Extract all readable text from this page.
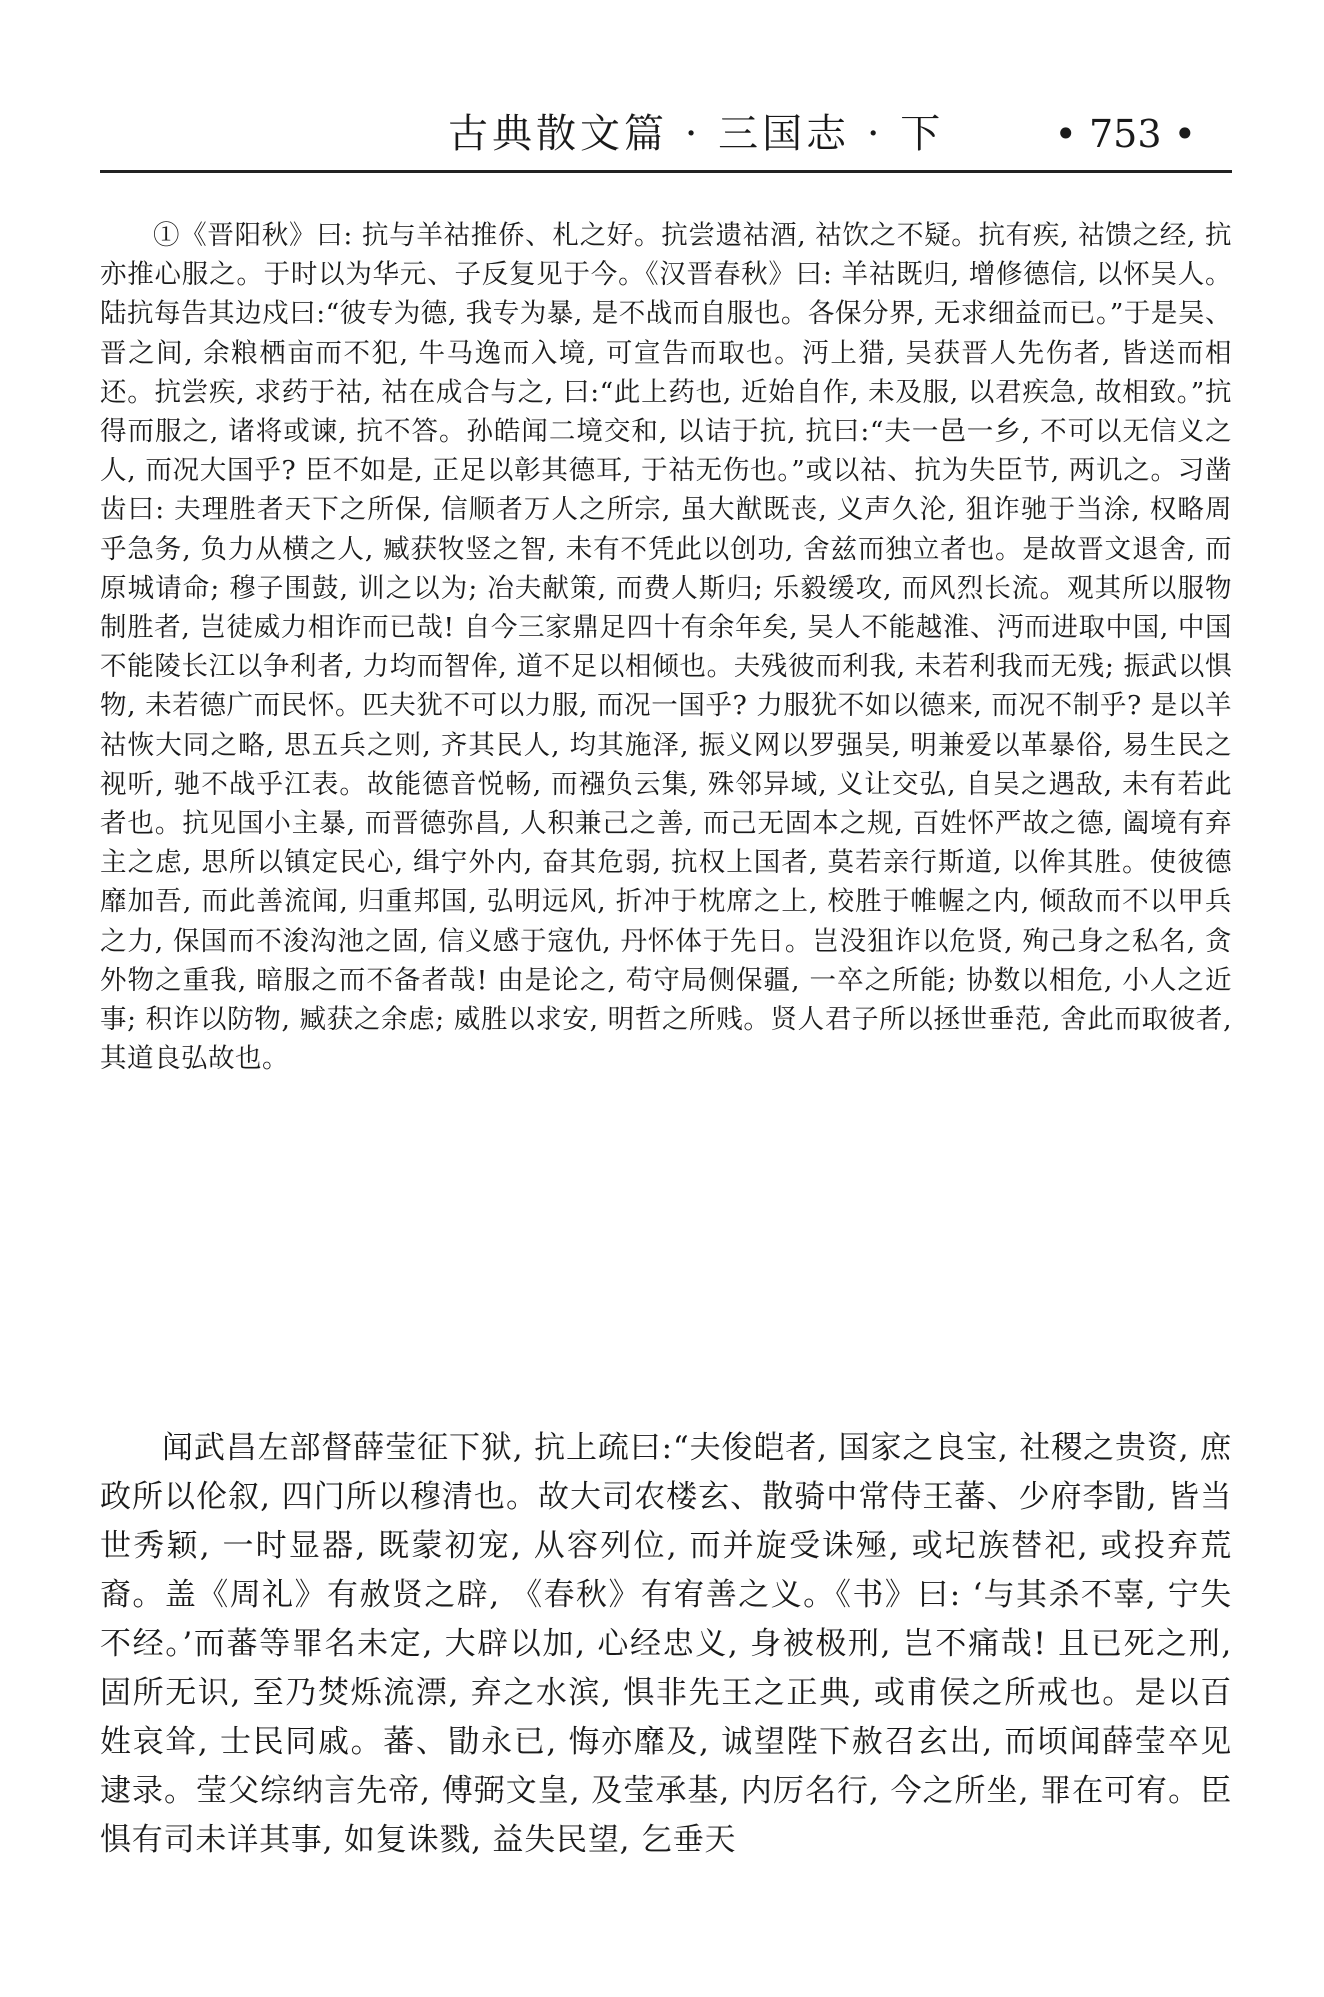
古典散文篇 · 三国志 · 下	• 753 •

①《晋阳秋》曰: 抗与羊祜推侨、札之好。抗尝遗祜酒, 祜饮之不疑。抗有疾, 祜馈之经, 抗亦推心服之。于时以为华元、子反复见于今。《汉晋春秋》曰: 羊祜既归, 增修德信, 以怀吴人。陆抗每告其边戍曰:“彼专为德, 我专为暴, 是不战而自服也。各保分界, 无求细益而已。”于是吴、晋之间, 余粮栖亩而不犯, 牛马逸而入境, 可宣告而取也。沔上猎, 吴获晋人先伤者, 皆送而相还。抗尝疾, 求药于祜, 祜在成合与之, 曰:“此上药也, 近始自作, 未及服, 以君疾急, 故相致。”抗得而服之, 诸将或谏, 抗不答。孙皓闻二境交和, 以诘于抗, 抗曰:“夫一邑一乡, 不可以无信义之人, 而况大国乎? 臣不如是, 正足以彰其德耳, 于祜无伤也。”或以祜、抗为失臣节, 两讥之。习凿齿曰: 夫理胜者天下之所保, 信顺者万人之所宗, 虽大猷既丧, 义声久沦, 狙诈驰于当涂, 权略周乎急务, 负力从横之人, 臧获牧竖之智, 未有不凭此以创功, 舍兹而独立者也。是故晋文退舍, 而原城请命; 穆子围鼓, 训之以为; 冶夫献策, 而费人斯归; 乐毅缓攻, 而风烈长流。观其所以服物制胜者, 岂徒威力相诈而已哉! 自今三家鼎足四十有余年矣, 吴人不能越淮、沔而进取中国, 中国不能陵长江以争利者, 力均而智侔, 道不足以相倾也。夫残彼而利我, 未若利我而无残; 振武以惧物, 未若德广而民怀。匹夫犹不可以力服, 而况一国乎? 力服犹不如以德来, 而况不制乎? 是以羊祜恢大同之略, 思五兵之则, 齐其民人, 均其施泽, 振义网以罗强吴, 明兼爱以革暴俗, 易生民之视听, 驰不战乎江表。故能德音悦畅, 而襁负云集, 殊邻异域, 义让交弘, 自吴之遇敌, 未有若此者也。抗见国小主暴, 而晋德弥昌, 人积兼己之善, 而己无固本之规, 百姓怀严故之德, 阖境有弃主之虑, 思所以镇定民心, 缉宁外内, 奋其危弱, 抗权上国者, 莫若亲行斯道, 以侔其胜。使彼德靡加吾, 而此善流闻, 归重邦国, 弘明远风, 折冲于枕席之上, 校胜于帷幄之内, 倾敌而不以甲兵之力, 保国而不浚沟池之固, 信义感于寇仇, 丹怀体于先日。岂没狙诈以危贤, 殉己身之私名, 贪外物之重我, 暗服之而不备者哉! 由是论之, 苟守局侧保疆, 一卒之所能; 协数以相危, 小人之近事; 积诈以防物, 臧获之余虑; 威胜以求安, 明哲之所贱。贤人君子所以拯世垂范, 舍此而取彼者, 其道良弘故也。

闻武昌左部督薛莹征下狱, 抗上疏曰:“夫俊皑者, 国家之良宝, 社稷之贵资, 庶政所以伦叙, 四门所以穆清也。故大司农楼玄、散骑中常侍王蕃、少府李勖, 皆当世秀颖, 一时显器, 既蒙初宠, 从容列位, 而并旋受诛殛, 或圮族替祀, 或投弃荒裔。盖《周礼》有赦贤之辟, 《春秋》有宥善之义。《书》曰: ‘与其杀不辜, 宁失不经。’而蕃等罪名未定, 大辟以加, 心经忠义, 身被极刑, 岂不痛哉! 且已死之刑, 固所无识, 至乃焚烁流漂, 弃之水滨, 惧非先王之正典, 或甫侯之所戒也。是以百姓哀耸, 士民同戚。蕃、勖永已, 悔亦靡及, 诚望陛下赦召玄出, 而顷闻薛莹卒见逮录。莹父综纳言先帝, 傅弼文皇, 及莹承基, 内厉名行, 今之所坐, 罪在可宥。臣惧有司未详其事, 如复诛戮, 益失民望, 乞垂天
